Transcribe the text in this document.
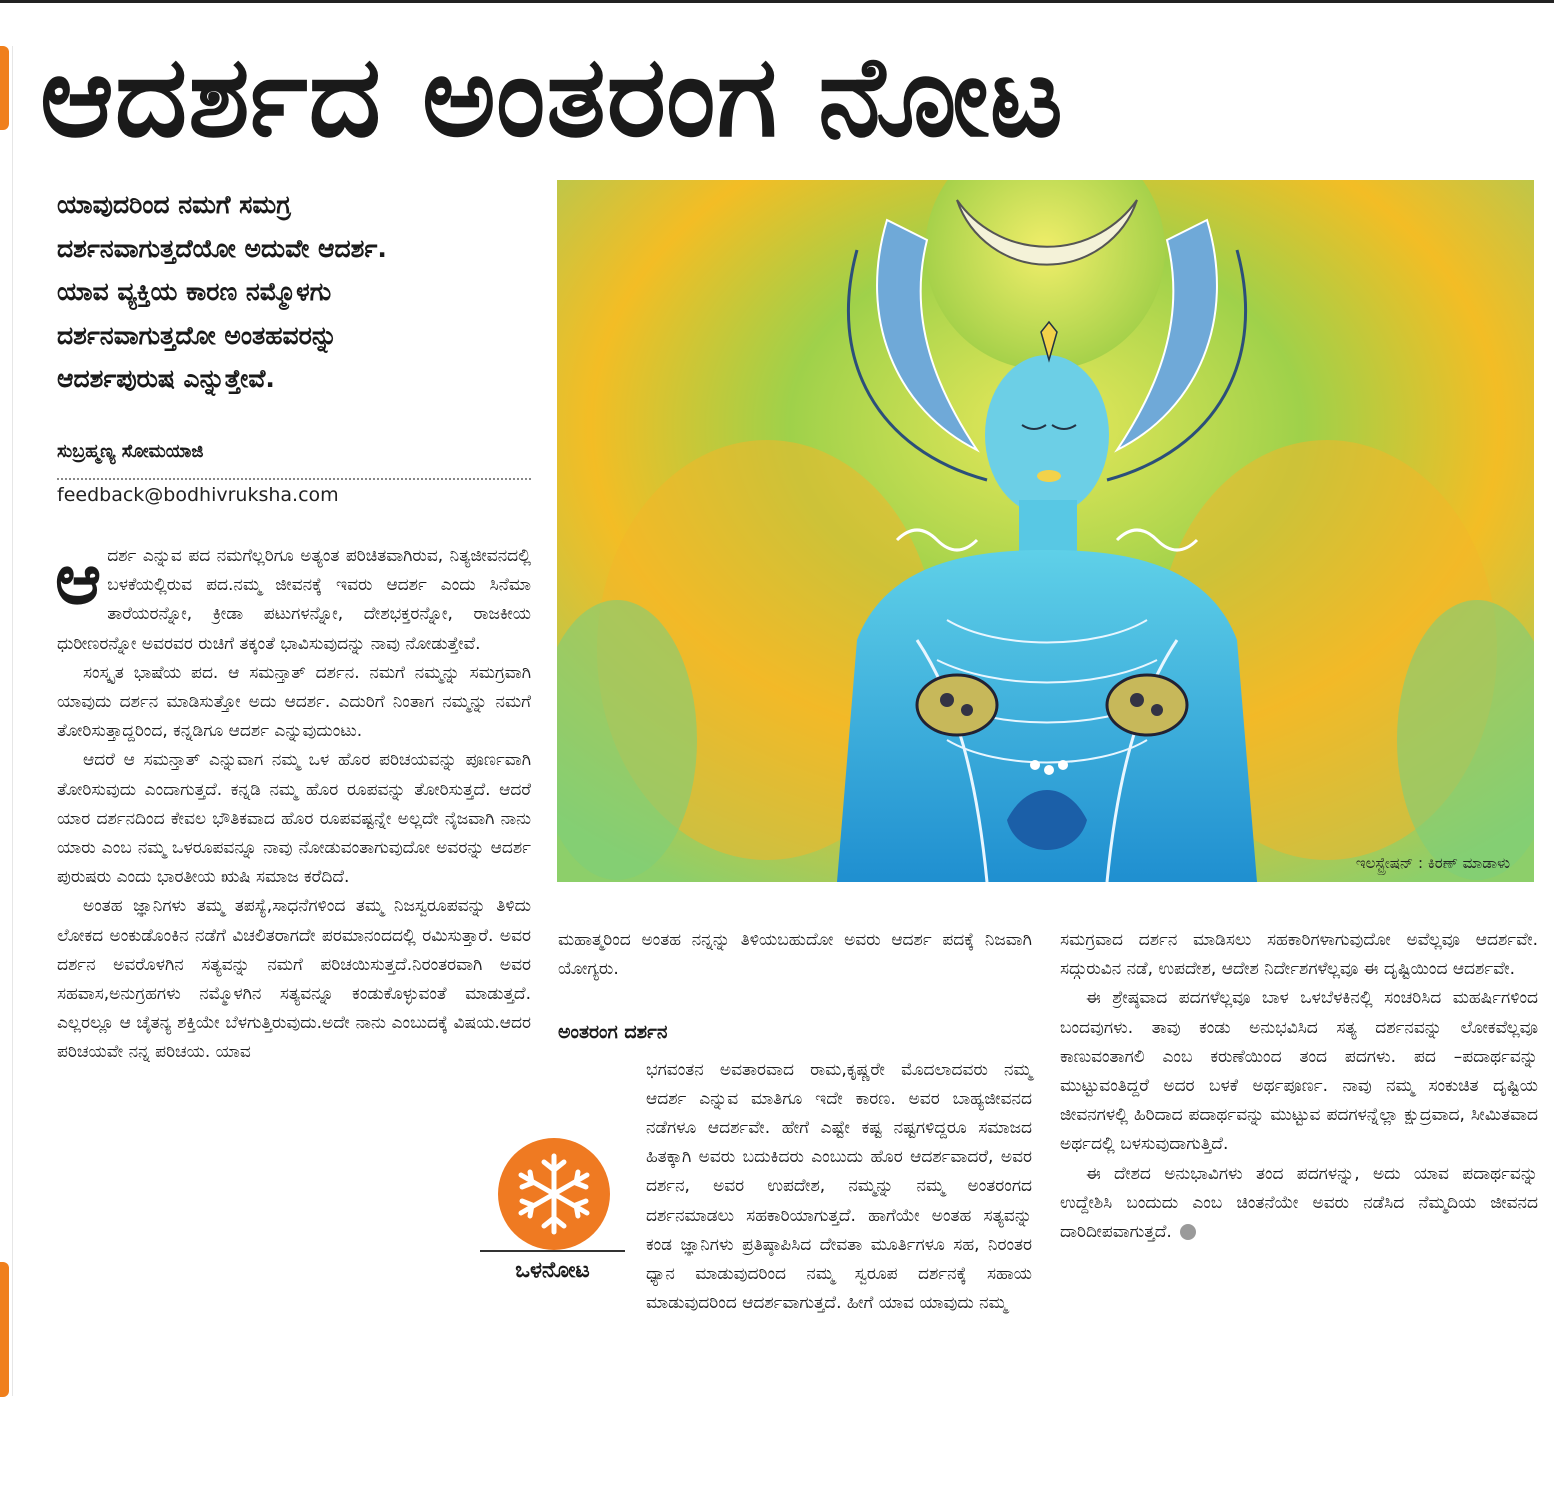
ಆದರ್ಶದ ಅಂತರಂಗ ನೋಟ
ಯಾವುದರಿಂದ ನಮಗೆ ಸಮಗ್ರ
ದರ್ಶನವಾಗುತ್ತದೆಯೋ ಅದುವೇ ಆದರ್ಶ.
ಯಾವ ವ್ಯಕ್ತಿಯ ಕಾರಣ ನಮ್ಮೊಳಗು
ದರ್ಶನವಾಗುತ್ತದೋ ಅಂತಹವರನ್ನು
ಆದರ್ಶಪುರುಷ ಎನ್ನುತ್ತೇವೆ.
ಸುಬ್ರಹ್ಮಣ್ಯ ಸೋಮಯಾಜಿ
feedback@bodhivruksha.com
ಇಲಸ್ಟ್ರೇಷನ್ : ಕಿರಣ್ ಮಾಡಾಳು
ಆ ದರ್ಶ ಎನ್ನುವ ಪದ ನಮಗೆಲ್ಲರಿಗೂ ಅತ್ಯಂತ ಪರಿಚಿತವಾಗಿರುವ, ನಿತ್ಯಜೀವನದಲ್ಲಿ ಬಳಕೆಯಲ್ಲಿರುವ ಪದ.ನಮ್ಮ ಜೀವನಕ್ಕೆ ಇವರು ಆದರ್ಶ ಎಂದು ಸಿನೆಮಾ ತಾರೆಯರನ್ನೋ, ಕ್ರೀಡಾ ಪಟುಗಳನ್ನೋ, ದೇಶಭಕ್ತರನ್ನೋ, ರಾಜಕೀಯ ಧುರೀಣರನ್ನೋ ಅವರವರ ರುಚಿಗೆ ತಕ್ಕಂತೆ ಭಾವಿಸುವುದನ್ನು ನಾವು ನೋಡುತ್ತೇವೆ.

ಸಂಸ್ಕೃತ ಭಾಷೆಯ ಪದ. ಆ ಸಮನ್ತಾತ್ ದರ್ಶನ. ನಮಗೆ ನಮ್ಮನ್ನು ಸಮಗ್ರವಾಗಿ ಯಾವುದು ದರ್ಶನ ಮಾಡಿಸುತ್ತೋ ಅದು ಆದರ್ಶ. ಎದುರಿಗೆ ನಿಂತಾಗ ನಮ್ಮನ್ನು ನಮಗೆ ತೋರಿಸುತ್ತಾದ್ದರಿಂದ, ಕನ್ನಡಿಗೂ ಆದರ್ಶ ಎನ್ನುವುದುಂಟು.

ಆದರೆ ಆ ಸಮನ್ತಾತ್ ಎನ್ನುವಾಗ ನಮ್ಮ ಒಳ ಹೊರ ಪರಿಚಯವನ್ನು ಪೂರ್ಣವಾಗಿ ತೋರಿಸುವುದು ಎಂದಾಗುತ್ತದೆ. ಕನ್ನಡಿ ನಮ್ಮ ಹೊರ ರೂಪವನ್ನು ತೋರಿಸುತ್ತದೆ. ಆದರೆ ಯಾರ ದರ್ಶನದಿಂದ ಕೇವಲ ಭೌತಿಕವಾದ ಹೊರ ರೂಪವಷ್ಟನ್ನೇ ಅಲ್ಲದೇ ನೈಜವಾಗಿ ನಾನು ಯಾರು ಎಂಬ ನಮ್ಮ ಒಳರೂಪವನ್ನೂ ನಾವು ನೋಡುವಂತಾಗುವುದೋ ಅವರನ್ನು ಆದರ್ಶ ಪುರುಷರು ಎಂದು ಭಾರತೀಯ ಋಷಿ ಸಮಾಜ ಕರೆದಿದೆ.

ಅಂತಹ ಜ್ಞಾನಿಗಳು ತಮ್ಮ ತಪಸ್ಯೆ,ಸಾಧನೆಗಳಿಂದ ತಮ್ಮ ನಿಜಸ್ವರೂಪವನ್ನು ತಿಳಿದು ಲೋಕದ ಅಂಕುಡೊಂಕಿನ ನಡೆಗೆ ವಿಚಲಿತರಾಗದೇ ಪರಮಾನಂದದಲ್ಲಿ ರಮಿಸುತ್ತಾರೆ. ಅವರ ದರ್ಶನ ಅವರೊಳಗಿನ ಸತ್ಯವನ್ನು ನಮಗೆ ಪರಿಚಯಿಸುತ್ತದೆ.ನಿರಂತರವಾಗಿ ಅವರ ಸಹವಾಸ,ಅನುಗ್ರಹಗಳು ನಮ್ಮೊಳಗಿನ ಸತ್ಯವನ್ನೂ ಕಂಡುಕೊಳ್ಳುವಂತೆ ಮಾಡುತ್ತದೆ. ಎಲ್ಲರಲ್ಲೂ ಆ ಚೈತನ್ಯ ಶಕ್ತಿಯೇ ಬೆಳಗುತ್ತಿರುವುದು.ಅದೇ ನಾನು ಎಂಬುದಕ್ಕೆ ವಿಷಯ.ಆದರ ಪರಿಚಯವೇ ನನ್ನ ಪರಿಚಯ. ಯಾವ

ಮಹಾತ್ಮರಿಂದ ಅಂತಹ ನನ್ನನ್ನು ತಿಳಿಯಬಹುದೋ ಅವರು ಆದರ್ಶ ಪದಕ್ಕೆ ನಿಜವಾಗಿ ಯೋಗ್ಯರು.

ಅಂತರಂಗ ದರ್ಶನ

ಭಗವಂತನ ಅವತಾರವಾದ ರಾಮ,ಕೃಷ್ಣರೇ ಮೊದಲಾದವರು ನಮ್ಮ ಆದರ್ಶ ಎನ್ನುವ ಮಾತಿಗೂ ಇದೇ ಕಾರಣ. ಅವರ ಬಾಹ್ಯಜೀವನದ ನಡೆಗಳೂ ಆದರ್ಶವೇ. ಹೇಗೆ ಎಷ್ಟೇ ಕಷ್ಟ ನಷ್ಟಗಳಿದ್ದರೂ ಸಮಾಜದ ಹಿತಕ್ಕಾಗಿ ಅವರು ಬದುಕಿದರು ಎಂಬುದು ಹೊರ ಆದರ್ಶವಾದರೆ, ಅವರ ದರ್ಶನ, ಅವರ ಉಪದೇಶ, ನಮ್ಮನ್ನು ನಮ್ಮ ಅಂತರಂಗದ ದರ್ಶನಮಾಡಲು ಸಹಕಾರಿಯಾಗುತ್ತದೆ. ಹಾಗೆಯೇ ಅಂತಹ ಸತ್ಯವನ್ನು ಕಂಡ ಜ್ಞಾನಿಗಳು ಪ್ರತಿಷ್ಠಾಪಿಸಿದ ದೇವತಾ ಮೂರ್ತಿಗಳೂ ಸಹ, ನಿರಂತರ ಧ್ಯಾನ ಮಾಡುವುದರಿಂದ ನಮ್ಮ ಸ್ವರೂಪ ದರ್ಶನಕ್ಕೆ ಸಹಾಯ ಮಾಡುವುದರಿಂದ ಆದರ್ಶವಾಗುತ್ತದೆ. ಹೀಗೆ ಯಾವ ಯಾವುದು ನಮ್ಮ

ಸಮಗ್ರವಾದ ದರ್ಶನ ಮಾಡಿಸಲು ಸಹಕಾರಿಗಳಾಗುವುದೋ ಅವೆಲ್ಲವೂ ಆದರ್ಶವೇ. ಸದ್ಗುರುವಿನ ನಡೆ, ಉಪದೇಶ, ಆದೇಶ ನಿರ್ದೇಶಗಳೆಲ್ಲವೂ ಈ ದೃಷ್ಟಿಯಿಂದ ಆದರ್ಶವೇ.

ಈ ಶ್ರೇಷ್ಠವಾದ ಪದಗಳೆಲ್ಲವೂ ಬಾಳ ಒಳಬೆಳಕಿನಲ್ಲಿ ಸಂಚರಿಸಿದ ಮಹರ್ಷಿಗಳಿಂದ ಬಂದವುಗಳು. ತಾವು ಕಂಡು ಅನುಭವಿಸಿದ ಸತ್ಯ ದರ್ಶನವನ್ನು ಲೋಕವೆಲ್ಲವೂ ಕಾಣುವಂತಾಗಲಿ ಎಂಬ ಕರುಣೆಯಿಂದ ತಂದ ಪದಗಳು. ಪದ –ಪದಾರ್ಥವನ್ನು ಮುಟ್ಟುವಂತಿದ್ದರೆ ಅದರ ಬಳಕೆ ಅರ್ಥಪೂರ್ಣ. ನಾವು ನಮ್ಮ ಸಂಕುಚಿತ ದೃಷ್ಟಿಯ ಜೀವನಗಳಲ್ಲಿ ಹಿರಿದಾದ ಪದಾರ್ಥವನ್ನು ಮುಟ್ಟುವ ಪದಗಳನ್ನೆಲ್ಲಾ ಕ್ಷುದ್ರವಾದ, ಸೀಮಿತವಾದ ಅರ್ಥದಲ್ಲಿ ಬಳಸುವುದಾಗುತ್ತಿದೆ.

ಈ ದೇಶದ ಅನುಭಾವಿಗಳು ತಂದ ಪದಗಳನ್ನು, ಅದು ಯಾವ ಪದಾರ್ಥವನ್ನು ಉದ್ದೇಶಿಸಿ ಬಂದುದು ಎಂಬ ಚಿಂತನೆಯೇ ಅವರು ನಡೆಸಿದ ನೆಮ್ಮದಿಯ ಜೀವನದ ದಾರಿದೀಪವಾಗುತ್ತದೆ.

ಒಳನೋಟ
